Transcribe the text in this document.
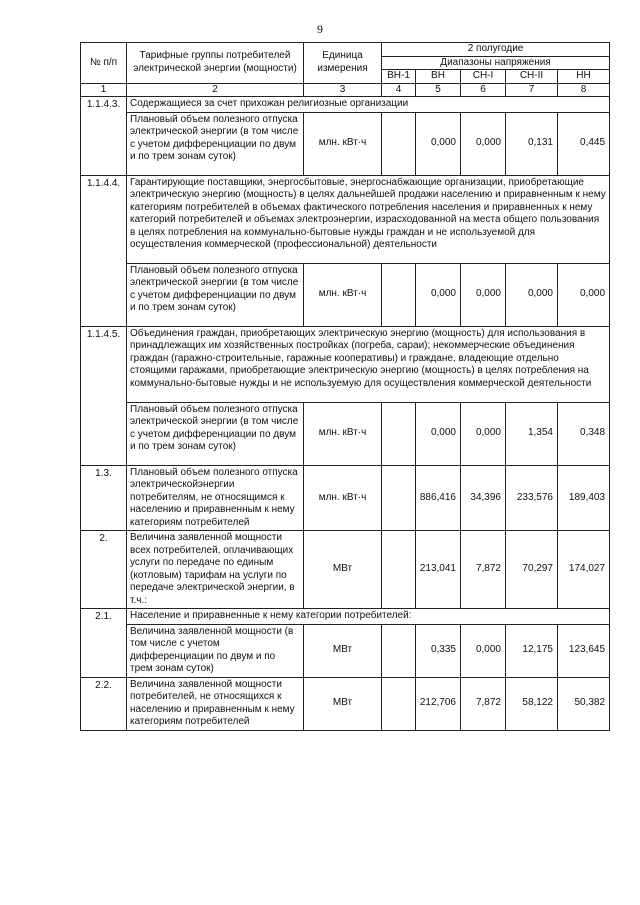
9
№ п/п	Тарифные группы потребителей электрической энергии (мощности)	Единица измерения	2 полугодие				
			Диапазоны напряжения				
			ВН-1	ВН	СН-I	СН-II	НН
1	2	3	4	5	6	7	8
1.1.4.3.	Содержащиеся за счет прихожан религиозные организации						
	Плановый объем полезного отпуска электрической энергии (в том числе с учетом дифференциации по двум и по трем зонам суток)	млн. кВт·ч		0,000	0,000	0,131	0,445
1.1.4.4.	Гарантирующие поставщики, энергосбытовые, энергоснабжающие организации, приобретающие электрическую энергию (мощность) в целях дальнейшей продажи населению и приравненным к нему категориям потребителей в объемах фактического потребления населения и приравненных к нему категорий потребителей и объемах электроэнергии, израсходованной на места общего пользования в целях потребления на коммунально-бытовые нужды граждан и не используемой для осуществления коммерческой (профессиональной) деятельности						
	Плановый объем полезного отпуска электрической энергии (в том числе с учетом дифференциации по двум и по трем зонам суток)	млн. кВт·ч		0,000	0,000	0,000	0,000
1.1.4.5.	Объединения граждан, приобретающих электрическую энергию (мощность) для использования в принадлежащих им хозяйственных постройках (погреба, сараи); некоммерческие объединения граждан (гаражно-строительные, гаражные кооперативы) и граждане, владеющие отдельно стоящими гаражами, приобретающие электрическую энергию (мощность) в целях потребления на коммунально-бытовые нужды и не используемую для осуществления коммерческой деятельности						
	Плановый объем полезного отпуска электрической энергии (в том числе с учетом дифференциации по двум и по трем зонам суток)	млн. кВт·ч		0,000	0,000	1,354	0,348
1.3.	Плановый объем полезного отпуска электрическойэнергии потребителям, не относящимся к населению и приравненным к нему категориям потребителей	млн. кВт·ч		886,416	34,396	233,576	189,403
2.	Величина заявленной мощности всех потребителей, оплачивающих услуги по передаче по единым (котловым) тарифам на услуги по передаче электрической энергии, в т.ч.:	МВт		213,041	7,872	70,297	174,027
2.1.	Население и приравненные к нему категории потребителей:						
	Величина заявленной мощности (в том числе с учетом дифференциации по двум и по трем зонам суток)	МВт		0,335	0,000	12,175	123,645
2.2.	Величина заявленной мощности потребителей, не относящихся к населению и приравненным к нему категориям потребителей	МВт		212,706	7,872	58,122	50,382
